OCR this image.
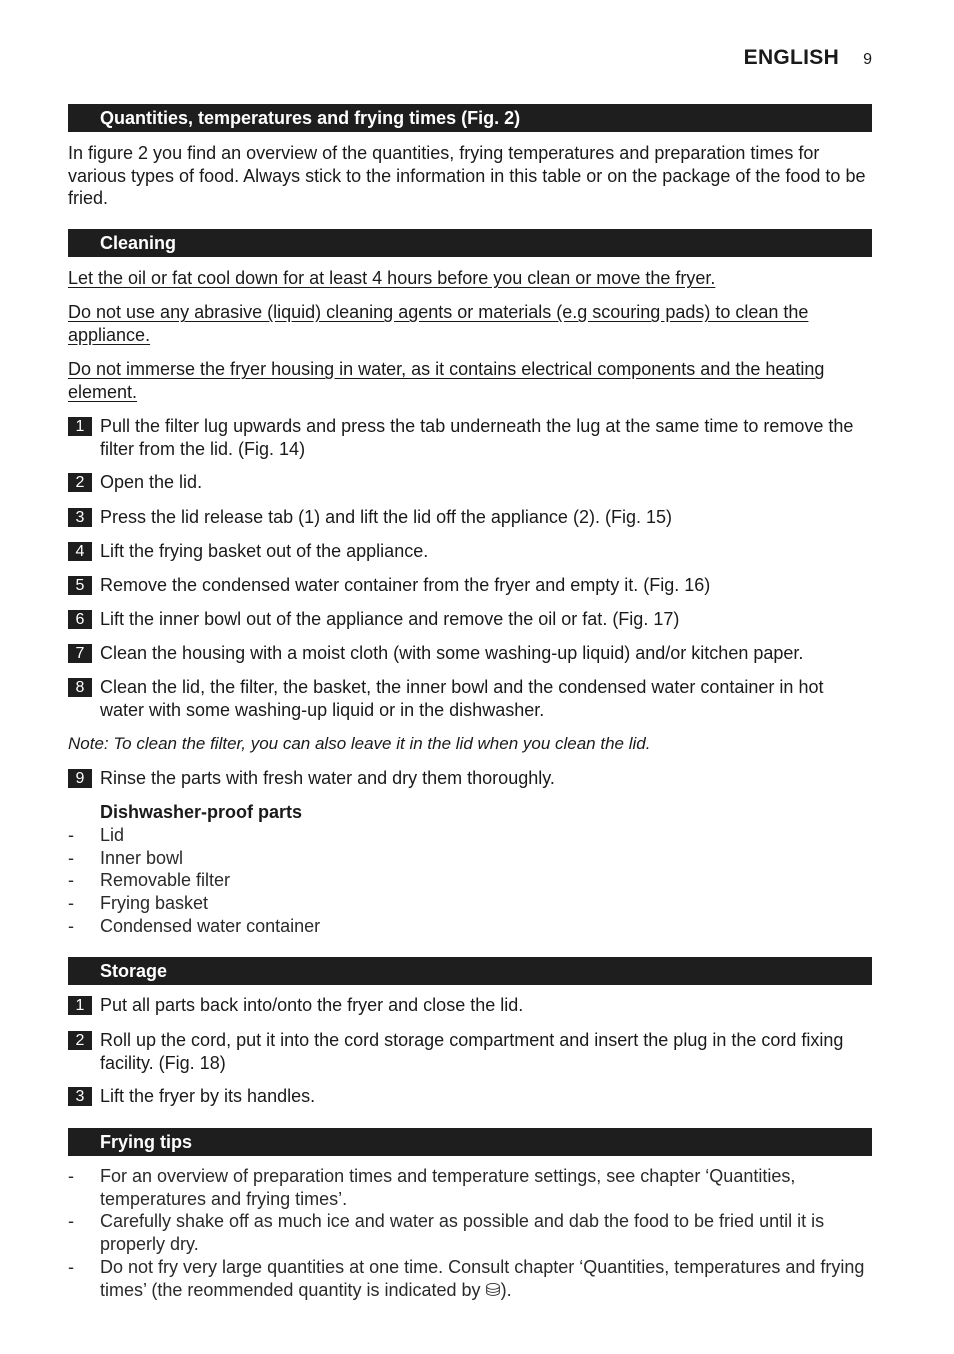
ENGLISH 9
Quantities, temperatures and frying times (Fig. 2)
In figure 2 you find an overview of the quantities, frying temperatures and preparation times for various types of food. Always stick to the information in this table or on the package of the food to be fried.
Cleaning
Let the oil or fat cool down for at least 4 hours before you clean or move the fryer.
Do not use any abrasive (liquid) cleaning agents or materials (e.g scouring pads) to clean the appliance.
Do not immerse the fryer housing in water, as it contains electrical components and the heating element.
1 Pull the filter lug upwards and press the tab underneath the lug at the same time to remove the filter from the lid. (Fig. 14)
2 Open the lid.
3 Press the lid release tab (1) and lift the lid off the appliance (2). (Fig. 15)
4 Lift the frying basket out of the appliance.
5 Remove the condensed water container from the fryer and empty it. (Fig. 16)
6 Lift the inner bowl out of the appliance and remove the oil or fat. (Fig. 17)
7 Clean the housing with a moist cloth (with some washing-up liquid) and/or kitchen paper.
8 Clean the lid, the filter, the basket, the inner bowl and the condensed water container in hot water with some washing-up liquid or in the dishwasher.
Note: To clean the filter, you can also leave it in the lid when you clean the lid.
9 Rinse the parts with fresh water and dry them thoroughly.
Dishwasher-proof parts
- Lid
- Inner bowl
- Removable filter
- Frying basket
- Condensed water container
Storage
1 Put all parts back into/onto the fryer and close the lid.
2 Roll up the cord, put it into the cord storage compartment and insert the plug in the cord fixing facility. (Fig. 18)
3 Lift the fryer by its handles.
Frying tips
- For an overview of preparation times and temperature settings, see chapter ‘Quantities, temperatures and frying times’.
- Carefully shake off as much ice and water as possible and dab the food to be fried until it is properly dry.
- Do not fry very large quantities at one time. Consult chapter ‘Quantities, temperatures and frying times’ (the reommended quantity is indicated by ⛁).
